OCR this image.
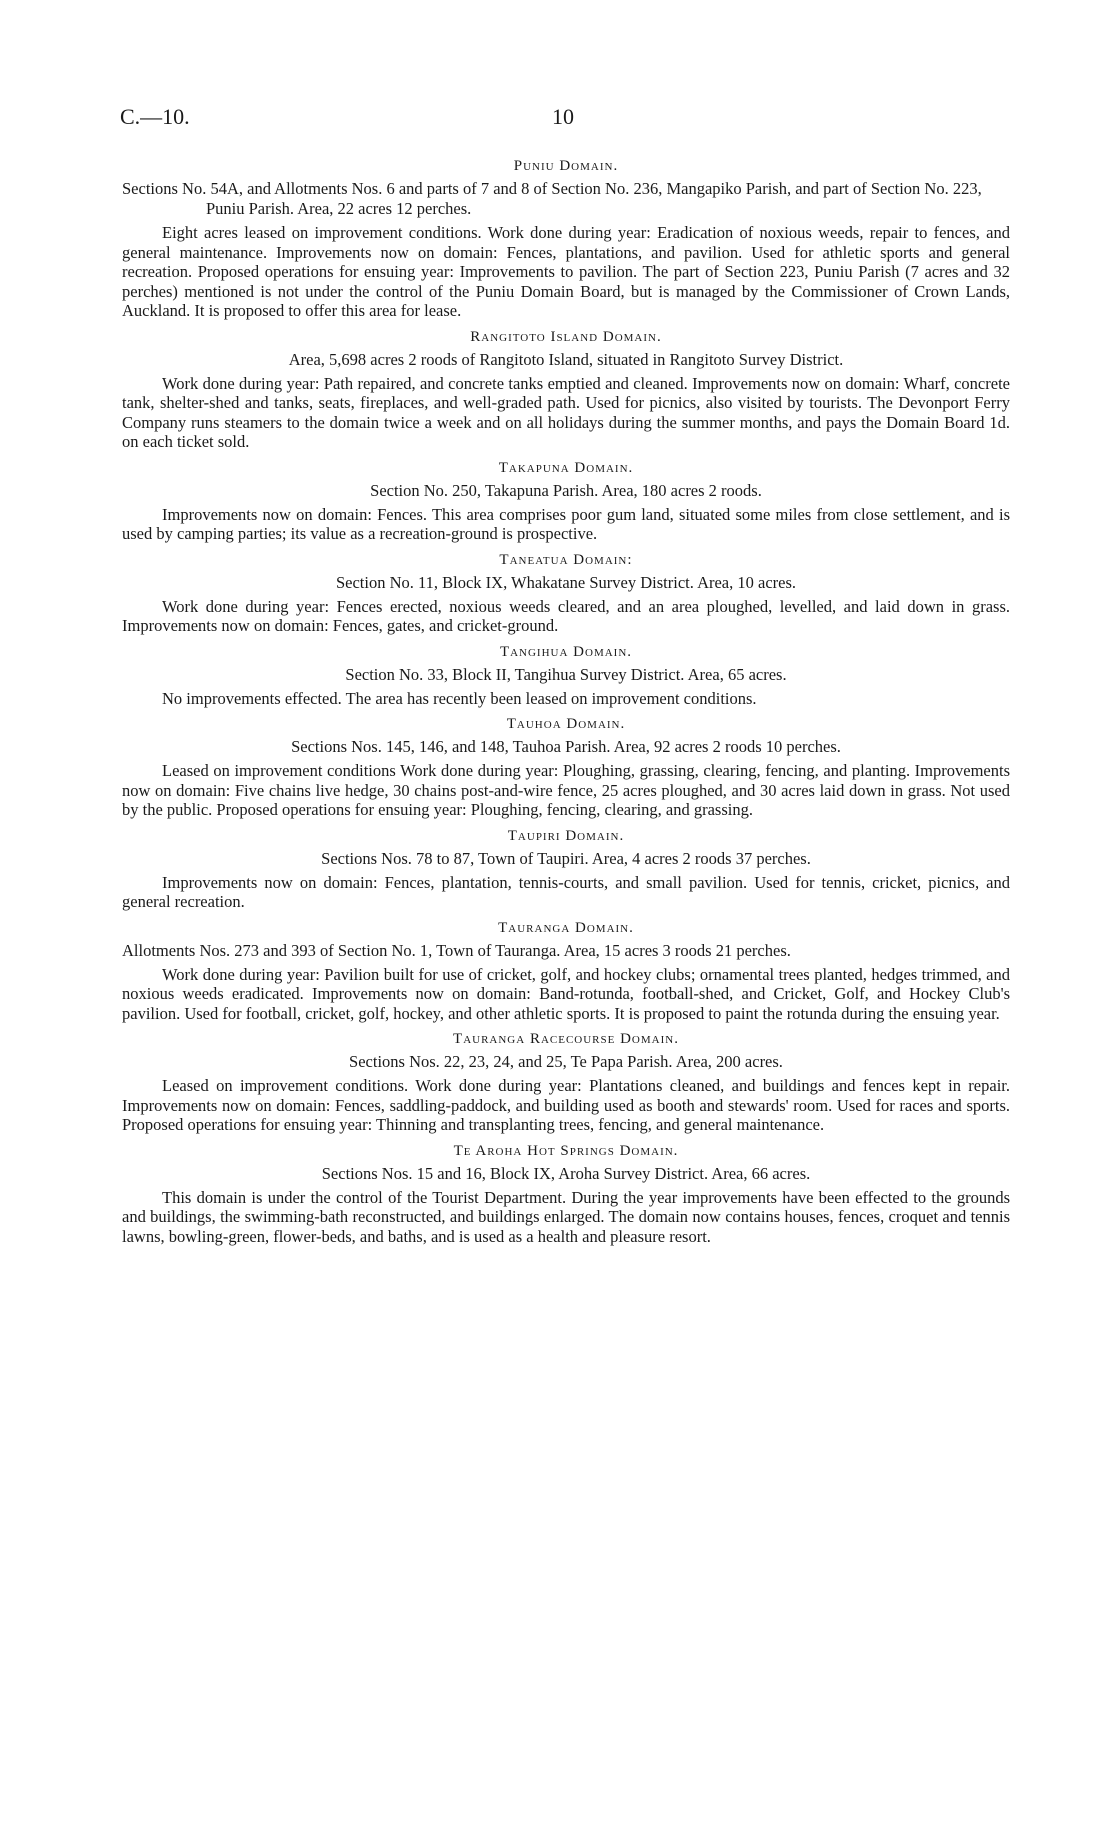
C.—10.	10
Puniu Domain.
Sections No. 54A, and Allotments Nos. 6 and parts of 7 and 8 of Section No. 236, Mangapiko Parish, and part of Section No. 223, Puniu Parish. Area, 22 acres 12 perches.
Eight acres leased on improvement conditions. Work done during year: Eradication of noxious weeds, repair to fences, and general maintenance. Improvements now on domain: Fences, plantations, and pavilion. Used for athletic sports and general recreation. Proposed operations for ensuing year: Improvements to pavilion. The part of Section 223, Puniu Parish (7 acres and 32 perches) mentioned is not under the control of the Puniu Domain Board, but is managed by the Commissioner of Crown Lands, Auckland. It is proposed to offer this area for lease.
Rangitoto Island Domain.
Area, 5,698 acres 2 roods of Rangitoto Island, situated in Rangitoto Survey District.
Work done during year: Path repaired, and concrete tanks emptied and cleaned. Improvements now on domain: Wharf, concrete tank, shelter-shed and tanks, seats, fireplaces, and well-graded path. Used for picnics, also visited by tourists. The Devonport Ferry Company runs steamers to the domain twice a week and on all holidays during the summer months, and pays the Domain Board 1d. on each ticket sold.
Takapuna Domain.
Section No. 250, Takapuna Parish. Area, 180 acres 2 roods.
Improvements now on domain: Fences. This area comprises poor gum land, situated some miles from close settlement, and is used by camping parties; its value as a recreation-ground is prospective.
Taneatua Domain:
Section No. 11, Block IX, Whakatane Survey District. Area, 10 acres.
Work done during year: Fences erected, noxious weeds cleared, and an area ploughed, levelled, and laid down in grass. Improvements now on domain: Fences, gates, and cricket-ground.
Tangihua Domain.
Section No. 33, Block II, Tangihua Survey District. Area, 65 acres.
No improvements effected. The area has recently been leased on improvement conditions.
Tauhoa Domain.
Sections Nos. 145, 146, and 148, Tauhoa Parish. Area, 92 acres 2 roods 10 perches.
Leased on improvement conditions Work done during year: Ploughing, grassing, clearing, fencing, and planting. Improvements now on domain: Five chains live hedge, 30 chains post-and-wire fence, 25 acres ploughed, and 30 acres laid down in grass. Not used by the public. Proposed operations for ensuing year: Ploughing, fencing, clearing, and grassing.
Taupiri Domain.
Sections Nos. 78 to 87, Town of Taupiri. Area, 4 acres 2 roods 37 perches.
Improvements now on domain: Fences, plantation, tennis-courts, and small pavilion. Used for tennis, cricket, picnics, and general recreation.
Tauranga Domain.
Allotments Nos. 273 and 393 of Section No. 1, Town of Tauranga. Area, 15 acres 3 roods 21 perches.
Work done during year: Pavilion built for use of cricket, golf, and hockey clubs; ornamental trees planted, hedges trimmed, and noxious weeds eradicated. Improvements now on domain: Band-rotunda, football-shed, and Cricket, Golf, and Hockey Club's pavilion. Used for football, cricket, golf, hockey, and other athletic sports. It is proposed to paint the rotunda during the ensuing year.
Tauranga Racecourse Domain.
Sections Nos. 22, 23, 24, and 25, Te Papa Parish. Area, 200 acres.
Leased on improvement conditions. Work done during year: Plantations cleaned, and buildings and fences kept in repair. Improvements now on domain: Fences, saddling-paddock, and building used as booth and stewards' room. Used for races and sports. Proposed operations for ensuing year: Thinning and transplanting trees, fencing, and general maintenance.
Te Aroha Hot Springs Domain.
Sections Nos. 15 and 16, Block IX, Aroha Survey District. Area, 66 acres.
This domain is under the control of the Tourist Department. During the year improvements have been effected to the grounds and buildings, the swimming-bath reconstructed, and buildings enlarged. The domain now contains houses, fences, croquet and tennis lawns, bowling-green, flower-beds, and baths, and is used as a health and pleasure resort.
